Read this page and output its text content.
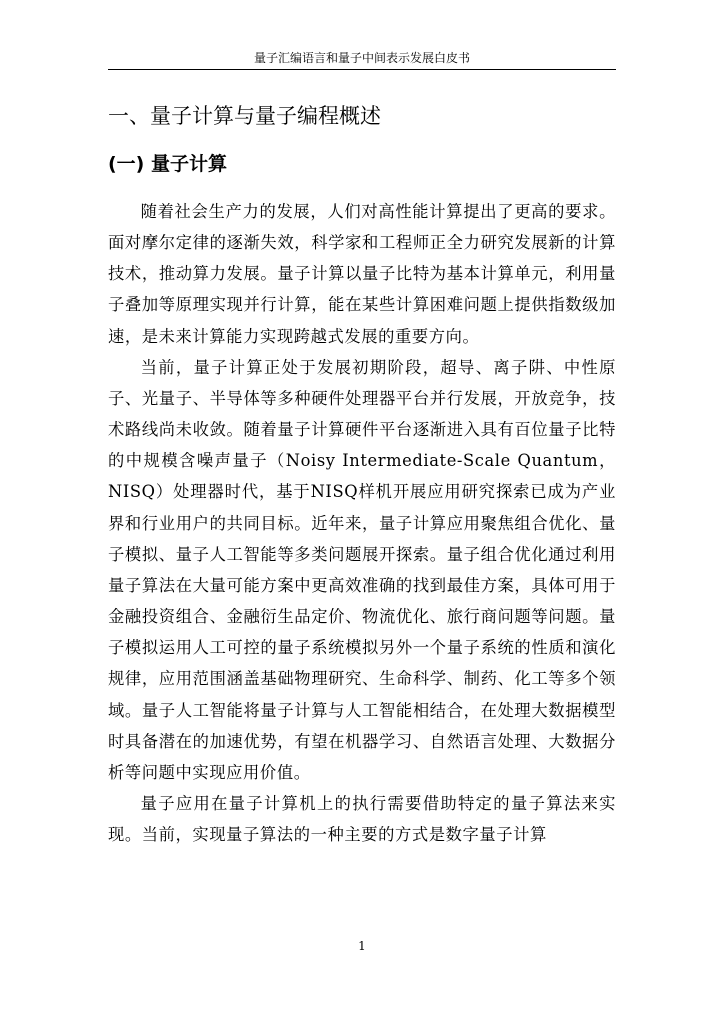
量子汇编语言和量子中间表示发展白皮书
一、量子计算与量子编程概述
(一) 量子计算

随着社会生产力的发展，人们对高性能计算提出了更高的要求。面对摩尔定律的逐渐失效，科学家和工程师正全力研究发展新的计算技术，推动算力发展。量子计算以量子比特为基本计算单元，利用量子叠加等原理实现并行计算，能在某些计算困难问题上提供指数级加速，是未来计算能力实现跨越式发展的重要方向。

当前，量子计算正处于发展初期阶段，超导、离子阱、中性原子、光量子、半导体等多种硬件处理器平台并行发展，开放竞争，技术路线尚未收敛。随着量子计算硬件平台逐渐进入具有百位量子比特的中规模含噪声量子（Noisy Intermediate-Scale Quantum，NISQ）处理器时代，基于NISQ样机开展应用研究探索已成为产业界和行业用户的共同目标。近年来，量子计算应用聚焦组合优化、量子模拟、量子人工智能等多类问题展开探索。量子组合优化通过利用量子算法在大量可能方案中更高效准确的找到最佳方案，具体可用于金融投资组合、金融衍生品定价、物流优化、旅行商问题等问题。量子模拟运用人工可控的量子系统模拟另外一个量子系统的性质和演化规律，应用范围涵盖基础物理研究、生命科学、制药、化工等多个领域。量子人工智能将量子计算与人工智能相结合，在处理大数据模型时具备潜在的加速优势，有望在机器学习、自然语言处理、大数据分析等问题中实现应用价值。

量子应用在量子计算机上的执行需要借助特定的量子算法来实现。当前，实现量子算法的一种主要的方式是数字量子计算

1
